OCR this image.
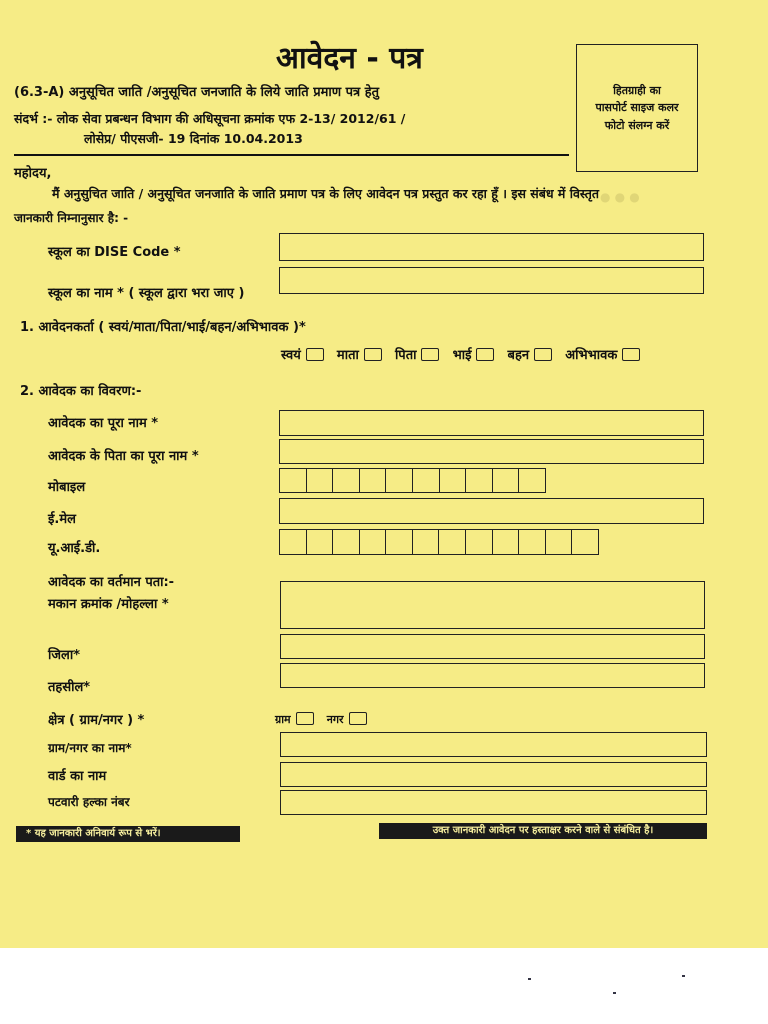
● ● ●
आवेदन - पत्र
(6.3-A) अनुसूचित जाति /अनुसूचित जनजाति के लिये जाति प्रमाण पत्र हेतु
संदर्भ :- लोक सेवा प्रबन्धन विभाग की अधिसूचना क्रमांक एफ 2-13/ 2012/61 /
लोसेप्र/ पीएसजी- 19 दिनांक 10.04.2013
हितग्राही का
पासपोर्ट साइज कलर
फोटो संलग्न करें
महोदय,
मैं अनुसुचित जाति / अनुसूचित जनजाति के जाति प्रमाण पत्र के लिए आवेदन पत्र प्रस्तुत कर रहा हूँ । इस संबंध में विस्तृत
जानकारी निम्नानुसार है: -
स्कूल का DISE Code *
स्कूल का नाम * ( स्कूल द्वारा भरा जाए )
1. आवेदनकर्ता ( स्वयं/माता/पिता/भाई/बहन/अभिभावक )*
स्वयं	माता	पिता	भाई	बहन	अभिभावक
2. आवेदक का विवरण:-
आवेदक का पूरा नाम *
आवेदक के पिता का पूरा नाम *
मोबाइल
ई.मेल
यू.आई.डी.
आवेदक का वर्तमान पता:-
मकान क्रमांक /मोहल्ला *
जिला*
तहसील*
क्षेत्र ( ग्राम/नगर ) *	ग्राम	नगर
ग्राम/नगर का नाम*
वार्ड का नाम
पटवारी हल्का नंबर
* यह जानकारी अनिवार्य रूप से भरें।	उक्त जानकारी आवेदन पर हस्ताक्षर करने वाले से संबंधित है।
